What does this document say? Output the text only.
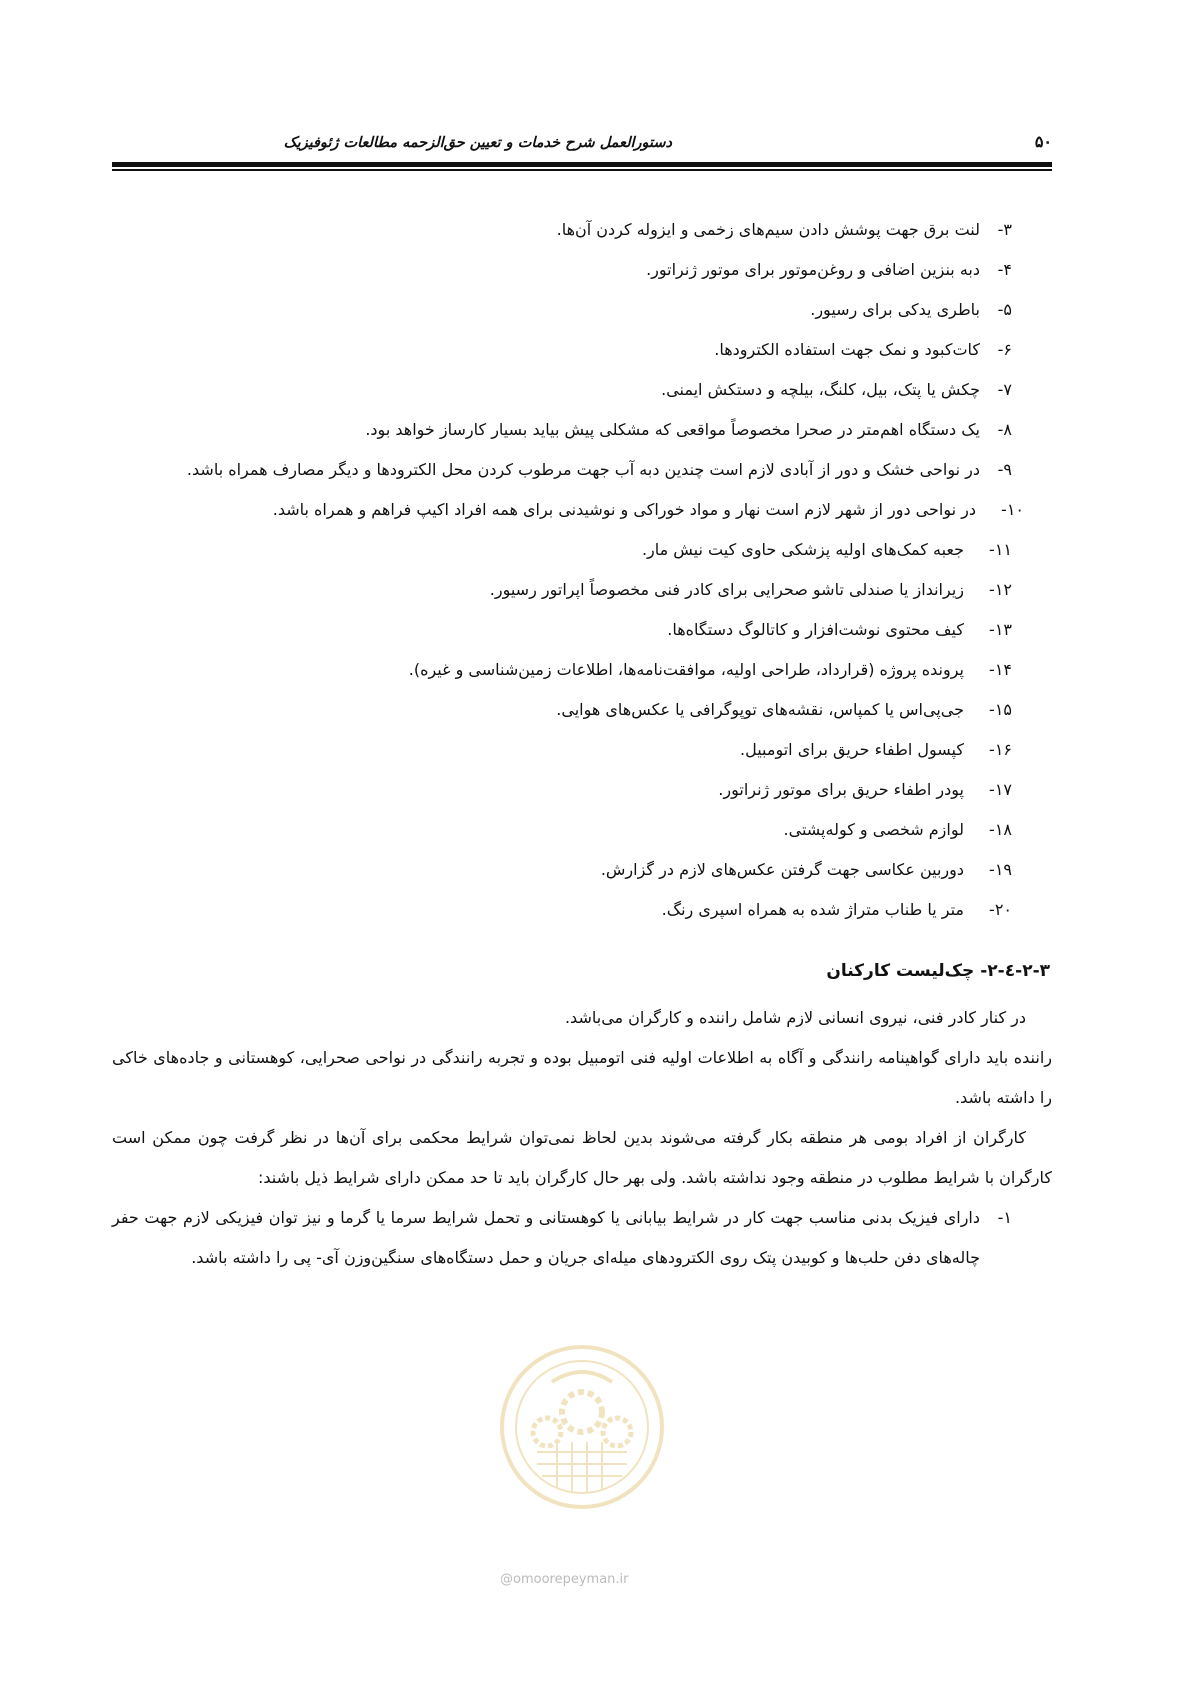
۵۰
دستورالعمل شرح خدمات و تعیین حق‌الزحمه مطالعات ژئوفیزیک
۳-
لنت برق جهت پوشش دادن سیم‌های زخمی و ایزوله کردن آن‌ها.
۴-
دبه بنزین اضافی و روغن‌موتور برای موتور ژنراتور.
۵-
باطری یدکی برای رسیور.
۶-
کات‌کبود و نمک جهت استفاده الکترودها.
۷-
چکش یا پتک، بیل، کلنگ، بیلچه و دستکش ایمنی.
۸-
یک دستگاه اهم‌متر در صحرا مخصوصاً مواقعی که مشکلی پیش بیاید بسیار کارساز خواهد بود.
۹-
در نواحی خشک و دور از آبادی لازم است چندین دبه آب جهت مرطوب کردن محل الکترودها و دیگر مصارف همراه باشد.
۱۰-
در نواحی دور از شهر لازم است نهار و مواد خوراکی و نوشیدنی برای همه افراد اکیپ فراهم و همراه باشد.
۱۱-
جعبه کمک‌های اولیه پزشکی حاوی کیت نیش مار.
۱۲-
زیرانداز یا صندلی تاشو صحرایی برای کادر فنی مخصوصاً اپراتور رسیور.
۱۳-
کیف محتوی نوشت‌افزار و کاتالوگ دستگاه‌ها.
۱۴-
پرونده پروژه (قرارداد، طراحی اولیه، موافقت‌نامه‌ها، اطلاعات زمین‌شناسی و غیره).
۱۵-
جی‌پی‌اس یا کمپاس، نقشه‌های توپوگرافی یا عکس‌های هوایی.
۱۶-
کپسول اطفاء حریق برای اتومبیل.
۱۷-
پودر اطفاء حریق برای موتور ژنراتور.
۱۸-
لوازم شخصی و کوله‌پشتی.
۱۹-
دوربین عکاسی جهت گرفتن عکس‌های لازم در گزارش.
۲۰-
متر یا طناب متراژ شده به همراه اسپری رنگ.
۲-۳-٤-۲- چک‌لیست کارکنان
در کنار کادر فنی، نیروی انسانی لازم شامل راننده و کارگران می‌باشد.
راننده باید دارای گواهینامه رانندگی و آگاه به اطلاعات اولیه فنی اتومبیل بوده و تجربه رانندگی در نواحی صحرایی، کوهستانی و جاده‌های خاکی را داشته باشد.
کارگران از افراد بومی هر منطقه بکار گرفته می‌شوند بدین لحاظ نمی‌توان شرایط محکمی برای آن‌ها در نظر گرفت چون ممکن است کارگران با شرایط مطلوب در منطقه وجود نداشته باشد. ولی بهر حال کارگران باید تا حد ممکن دارای شرایط ذیل باشند:
۱-
دارای فیزیک بدنی مناسب جهت کار در شرایط بیابانی یا کوهستانی و تحمل شرایط سرما یا گرما و نیز توان فیزیکی لازم جهت حفر چاله‌های دفن حلب‌ها و کوبیدن پتک روی الکترودهای میله‌ای جریان و حمل دستگاه‌های سنگین‌وزن آی- پی را داشته باشد.
@omoorepeyman.ir
